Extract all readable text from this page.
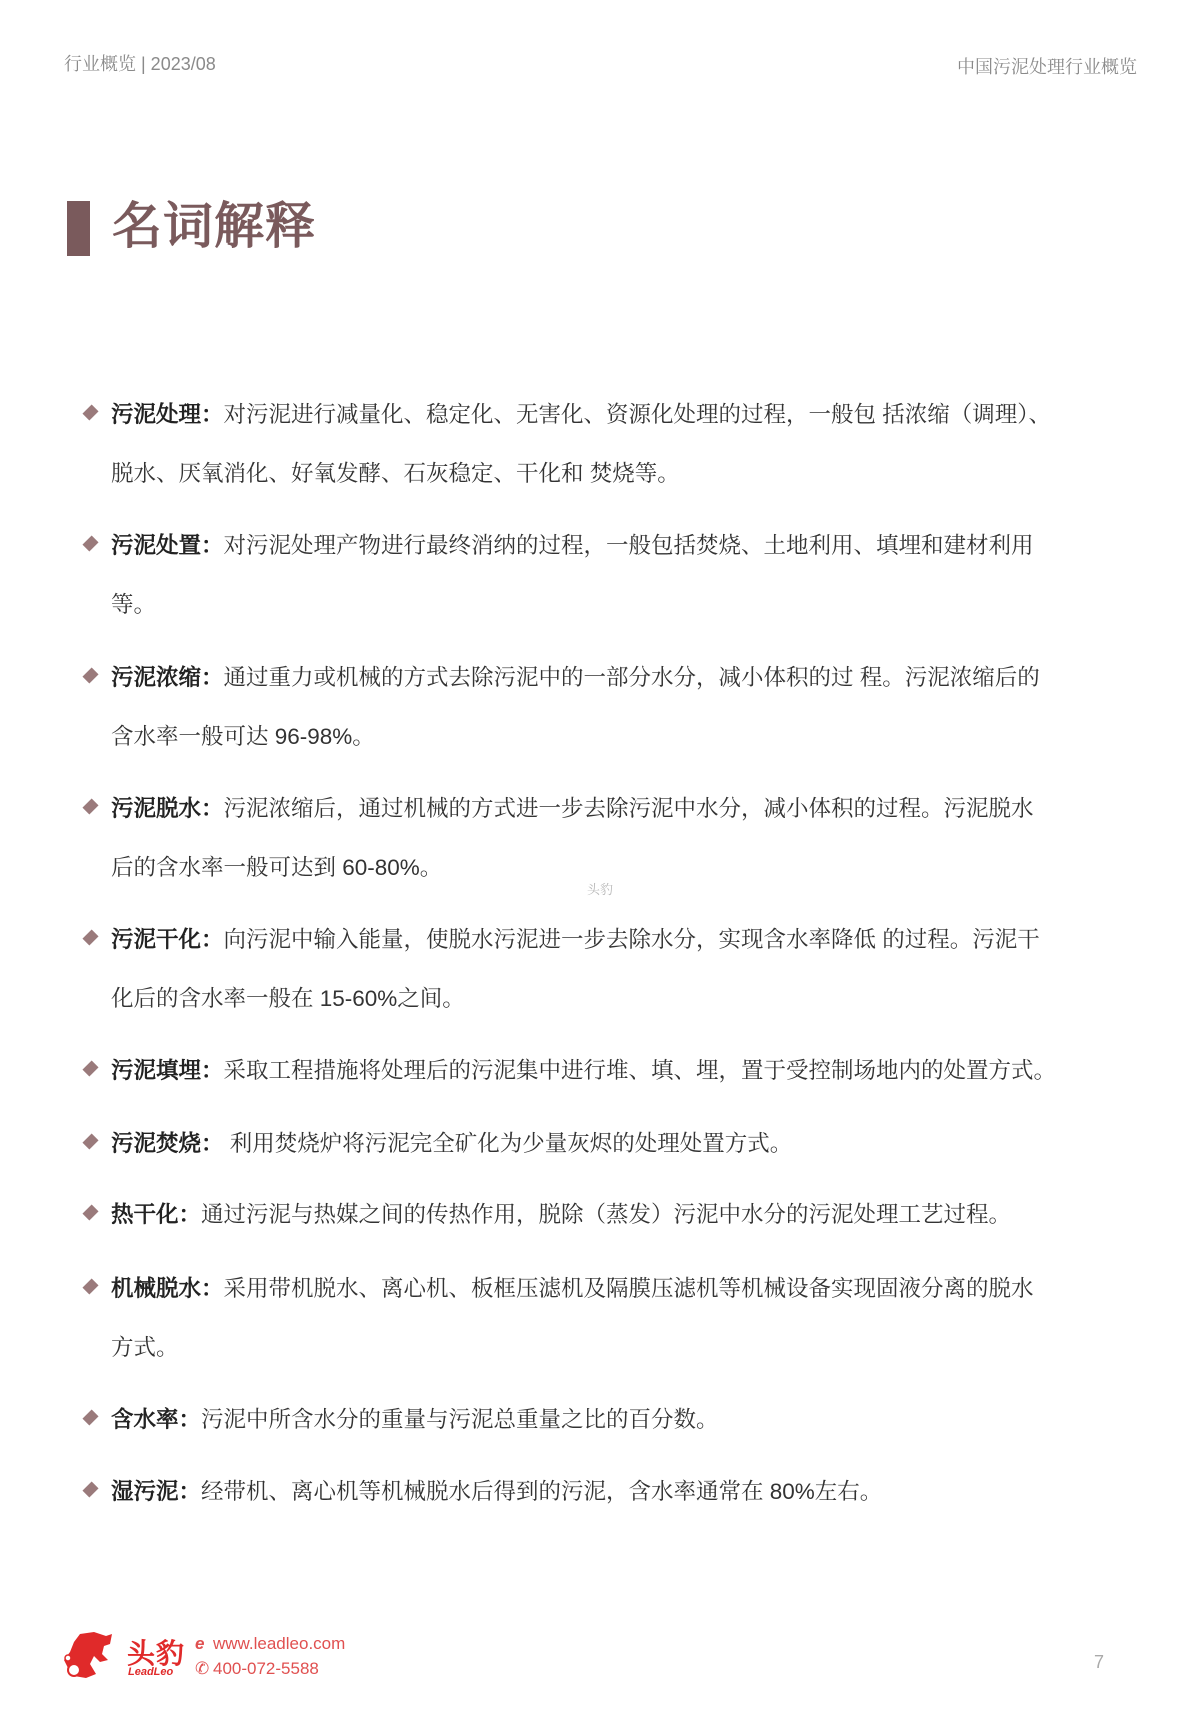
行业概览 | 2023/08	中国污泥处理行业概览
名词解释
污泥处理：对污泥进行减量化、稳定化、无害化、资源化处理的过程，一般包 括浓缩（调理）、
脱水、厌氧消化、好氧发酵、石灰稳定、干化和 焚烧等。
污泥处置：对污泥处理产物进行最终消纳的过程，一般包括焚烧、土地利用、填埋和建材利用
等。
污泥浓缩：通过重力或机械的方式去除污泥中的一部分水分，减小体积的过 程。污泥浓缩后的
含水率一般可达 96-98%。
污泥脱水：污泥浓缩后，通过机械的方式进一步去除污泥中水分，减小体积的过程。污泥脱水
后的含水率一般可达到 60-80%。
污泥干化：向污泥中输入能量，使脱水污泥进一步去除水分，实现含水率降低 的过程。污泥干
化后的含水率一般在 15-60%之间。
污泥填埋：采取工程措施将处理后的污泥集中进行堆、填、埋，置于受控制场地内的处置方式。
污泥焚烧： 利用焚烧炉将污泥完全矿化为少量灰烬的处理处置方式。
热干化：通过污泥与热媒之间的传热作用，脱除（蒸发）污泥中水分的污泥处理工艺过程。
机械脱水：采用带机脱水、离心机、板框压滤机及隔膜压滤机等机械设备实现固液分离的脱水
方式。
含水率：污泥中所含水分的重量与污泥总重量之比的百分数。
湿污泥：经带机、离心机等机械脱水后得到的污泥，含水率通常在 80%左右。
头豹
头豹
LeadLeo
e www.leadleo.com
✆ 400-072-5588	7
